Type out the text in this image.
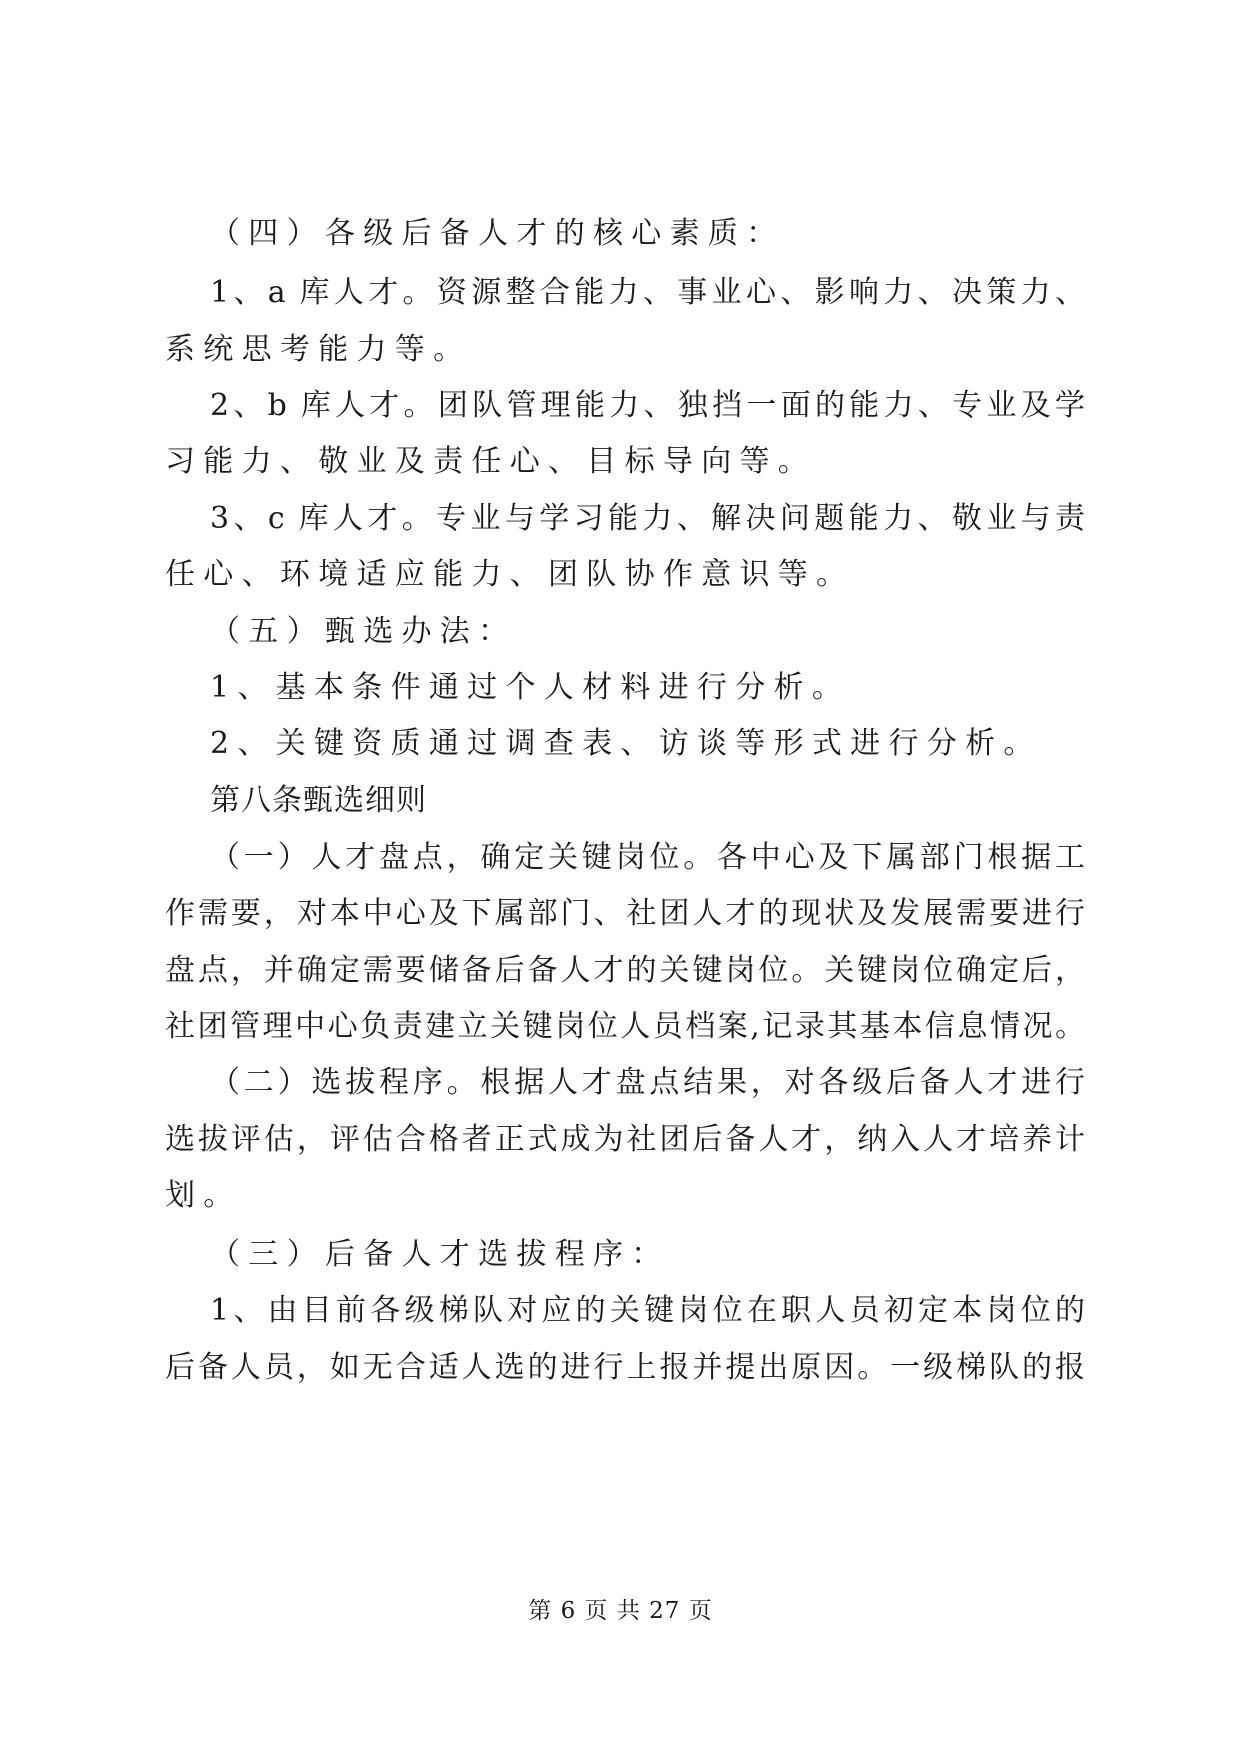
（四）各级后备人才的核心素质：
1、a 库人才。资源整合能力、事业心、影响力、决策力、
系统思考能力等。
2、b 库人才。团队管理能力、独挡一面的能力、专业及学
习能力、敬业及责任心、目标导向等。
3、c 库人才。专业与学习能力、解决问题能力、敬业与责
任心、环境适应能力、团队协作意识等。
（五）甄选办法：
1、基本条件通过个人材料进行分析。
2、关键资质通过调查表、访谈等形式进行分析。
第八条甄选细则
（一）人才盘点，确定关键岗位。各中心及下属部门根据工
作需要，对本中心及下属部门、社团人才的现状及发展需要进行
盘点，并确定需要储备后备人才的关键岗位。关键岗位确定后，
社团管理中心负责建立关键岗位人员档案,记录其基本信息情况。
（二）选拔程序。根据人才盘点结果，对各级后备人才进行
选拔评估，评估合格者正式成为社团后备人才，纳入人才培养计
划。
（三）后备人才选拔程序：
1、由目前各级梯队对应的关键岗位在职人员初定本岗位的
后备人员，如无合适人选的进行上报并提出原因。一级梯队的报
第 6 页 共 27 页
